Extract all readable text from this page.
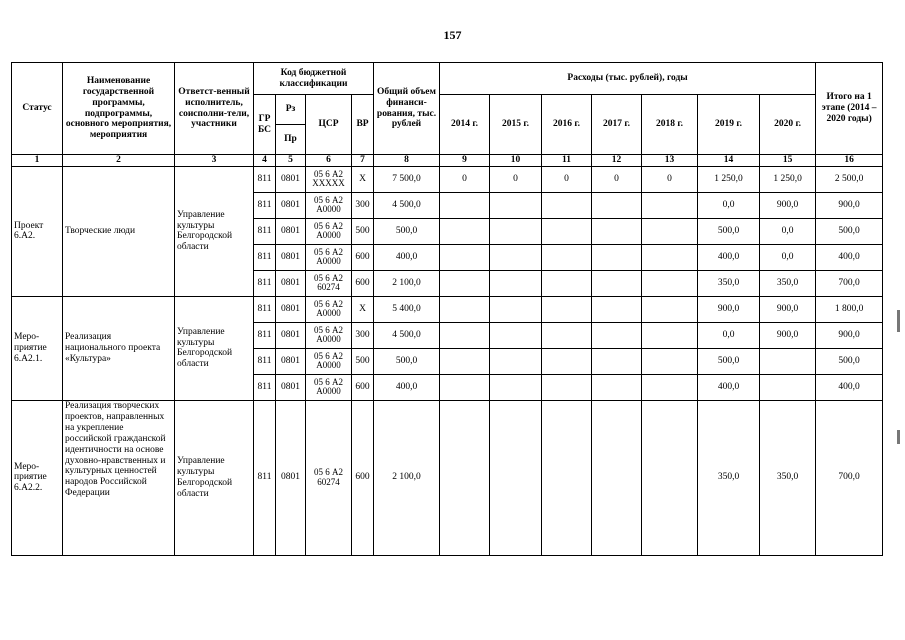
157
Статус	Наименование государственной программы, подпрограммы, основного мероприятия, мероприятия	Ответст-венный исполнитель, соисполни-тели, участники	Код бюджетной классификации				Общий объем финанси-рования, тыс. рублей	Расходы (тыс. рублей), годы							Итого на 1 этапе (2014 – 2020 годы)
			ГР БС	Рз	ЦСР	ВР		2014 г.	2015 г.	2016 г.	2017 г.	2018 г.	2019 г.	2020 г.	
				Пр											
1	2	3	4	5	6	7	8	9	10	11	12	13	14	15	16
Проект 6.А2.	Творческие люди	Управление культуры Белгородской области	811	0801	05 6 А2 XXXXX	X	7 500,0	0	0	0	0	0	1 250,0	1 250,0	2 500,0
			811	0801	05 6 А2 А0000	300	4 500,0						0,0	900,0	900,0
			811	0801	05 6 А2 А0000	500	500,0						500,0	0,0	500,0
			811	0801	05 6 А2 А0000	600	400,0						400,0	0,0	400,0
			811	0801	05 6 А2 60274	600	2 100,0						350,0	350,0	700,0
Меро-приятие 6.А2.1.	Реализация национального проекта «Культура»	Управление культуры Белгородской области	811	0801	05 6 А2 А0000	X	5 400,0						900,0	900,0	1 800,0
			811	0801	05 6 А2 А0000	300	4 500,0						0,0	900,0	900,0
			811	0801	05 6 А2 А0000	500	500,0						500,0		500,0
			811	0801	05 6 А2 А0000	600	400,0						400,0		400,0
Меро-приятие 6.А2.2.	Реализация творческих проектов, направленных на укрепление российской гражданской идентичности на основе духовно-нравственных и культурных ценностей народов Российской Федерации	Управление культуры Белгородской области	811	0801	05 6 А2 60274	600	2 100,0						350,0	350,0	700,0
